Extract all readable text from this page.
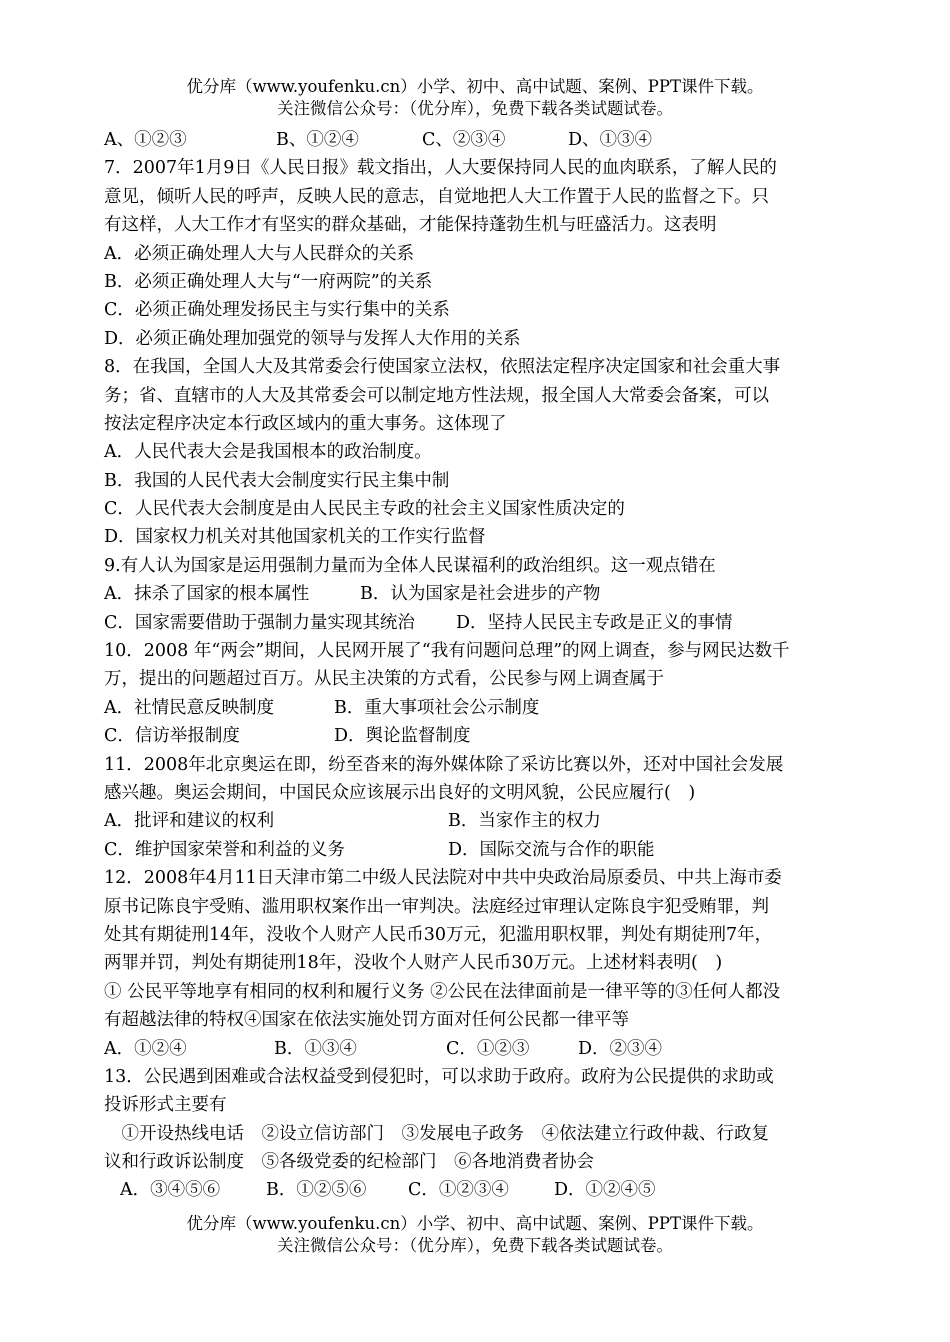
优分库（www.youfenku.cn）小学、初中、高中试题、案例、PPT课件下载。
关注微信公众号：（优分库），免费下载各类试题试卷。
A、①②③	B、①②④	C、②③④	D、①③④
7．2007年1月9日《人民日报》载文指出，人大要保持同人民的血肉联系，了解人民的
意见，倾听人民的呼声，反映人民的意志，自觉地把人大工作置于人民的监督之下。只
有这样，人大工作才有坚实的群众基础，才能保持蓬勃生机与旺盛活力。这表明
A．必须正确处理人大与人民群众的关系
B．必须正确处理人大与“一府两院”的关系
C．必须正确处理发扬民主与实行集中的关系
D．必须正确处理加强党的领导与发挥人大作用的关系
8．在我国，全国人大及其常委会行使国家立法权，依照法定程序决定国家和社会重大事
务；省、直辖市的人大及其常委会可以制定地方性法规，报全国人大常委会备案，可以
按法定程序决定本行政区域内的重大事务。这体现了
A．人民代表大会是我国根本的政治制度。
B．我国的人民代表大会制度实行民主集中制
C．人民代表大会制度是由人民民主专政的社会主义国家性质决定的
D．国家权力机关对其他国家机关的工作实行监督
9.有人认为国家是运用强制力量而为全体人民谋福利的政治组织。这一观点错在
A．抹杀了国家的根本属性	B．认为国家是社会进步的产物
C．国家需要借助于强制力量实现其统治 D．坚持人民民主专政是正义的事情
10．2008 年“两会”期间，人民网开展了“我有问题问总理”的网上调查，参与网民达数千
万，提出的问题超过百万。从民主决策的方式看，公民参与网上调查属于
A．社情民意反映制度	B．重大事项社会公示制度
C．信访举报制度	D．舆论监督制度
11．2008年北京奥运在即，纷至沓来的海外媒体除了采访比赛以外，还对中国社会发展
感兴趣。奥运会期间，中国民众应该展示出良好的文明风貌，公民应履行(　)
A．批评和建议的权利	B．当家作主的权力
C．维护国家荣誉和利益的义务	D．国际交流与合作的职能
12．2008年4月11日天津市第二中级人民法院对中共中央政治局原委员、中共上海市委
原书记陈良宇受贿、滥用职权案作出一审判决。法庭经过审理认定陈良宇犯受贿罪，判
处其有期徒刑14年，没收个人财产人民币30万元，犯滥用职权罪，判处有期徒刑7年，
两罪并罚，判处有期徒刑18年，没收个人财产人民币30万元。上述材料表明(　)
① 公民平等地享有相同的权利和履行义务 ②公民在法律面前是一律平等的③任何人都没
有超越法律的特权④国家在依法实施处罚方面对任何公民都一律平等
A．①②④	B．①③④	C．①②③	D．②③④
13．公民遇到困难或合法权益受到侵犯时，可以求助于政府。政府为公民提供的求助或
投诉形式主要有
　①开设热线电话　②设立信访部门　③发展电子政务　④依法建立行政仲裁、行政复
议和行政诉讼制度　⑤各级党委的纪检部门　⑥各地消费者协会
A．③④⑤⑥	B．①②⑤⑥ C．①②③④	D．①②④⑤
优分库（www.youfenku.cn）小学、初中、高中试题、案例、PPT课件下载。
关注微信公众号：（优分库），免费下载各类试题试卷。
